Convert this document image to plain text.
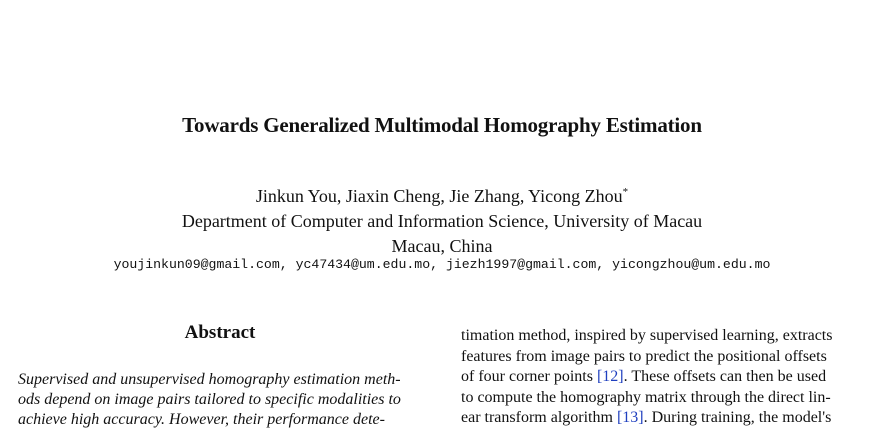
Towards Generalized Multimodal Homography Estimation
Jinkun You, Jiaxin Cheng, Jie Zhang, Yicong Zhou*
Department of Computer and Information Science, University of Macau
Macau, China
youjinkun09@gmail.com, yc47434@um.edu.mo, jiezh1997@gmail.com, yicongzhou@um.edu.mo
Abstract
Supervised and unsupervised homography estimation meth-
ods depend on image pairs tailored to specific modalities to
achieve high accuracy. However, their performance dete-
timation method, inspired by supervised learning, extracts
features from image pairs to predict the positional offsets
of four corner points [12]. These offsets can then be used
to compute the homography matrix through the direct lin-
ear transform algorithm [13]. During training, the model's
